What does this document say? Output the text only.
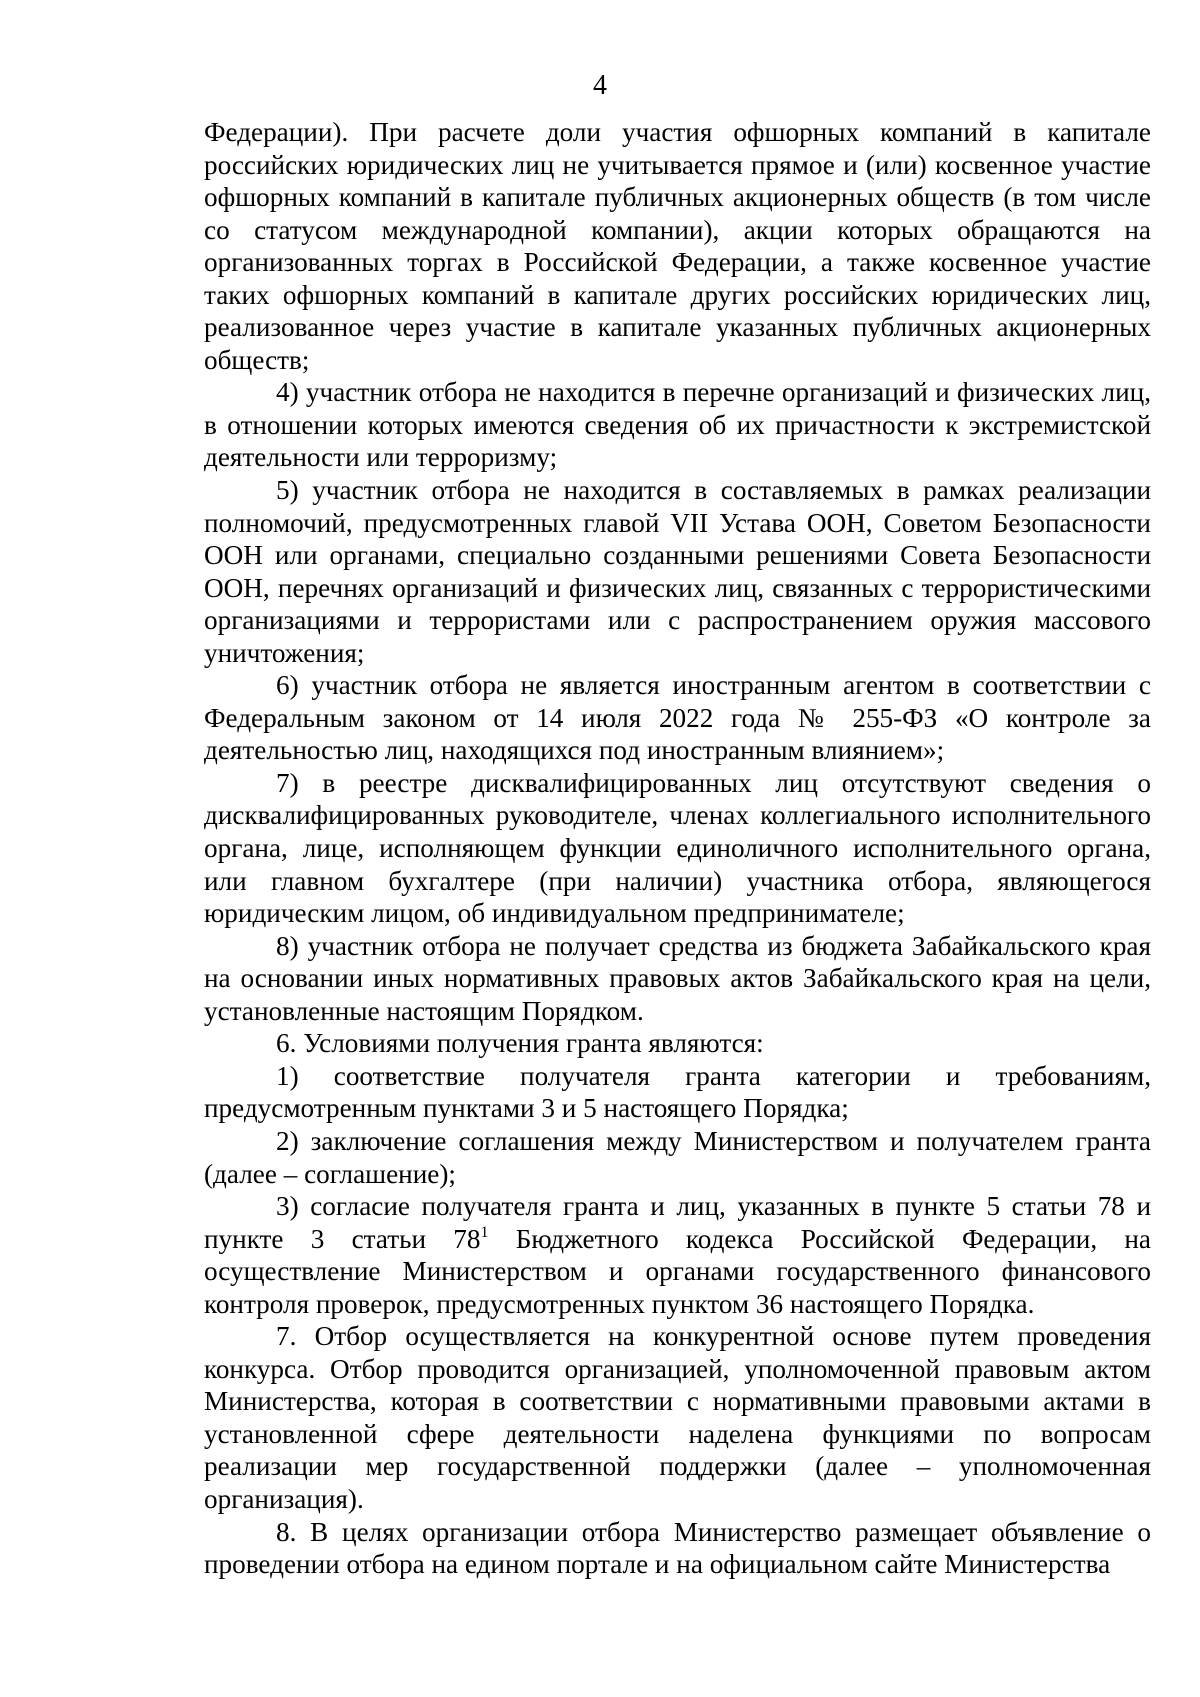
4

Федерации). При расчете доли участия офшорных компаний в капитале российских юридических лиц не учитывается прямое и (или) косвенное участие офшорных компаний в капитале публичных акционерных обществ (в том числе со статусом международной компании), акции которых обращаются на организованных торгах в Российской Федерации, а также косвенное участие таких офшорных компаний в капитале других российских юридических лиц, реализованное через участие в капитале указанных публичных акционерных обществ;

4) участник отбора не находится в перечне организаций и физических лиц, в отношении которых имеются сведения об их причастности к экстремистской деятельности или терроризму;

5) участник отбора не находится в составляемых в рамках реализации полномочий, предусмотренных главой VII Устава ООН, Советом Безопасности ООН или органами, специально созданными решениями Совета Безопасности ООН, перечнях организаций и физических лиц, связанных с террористическими организациями и террористами или с распространением оружия массового уничтожения;

6) участник отбора не является иностранным агентом в соответствии с Федеральным законом от 14 июля 2022 года № 255-ФЗ «О контроле за деятельностью лиц, находящихся под иностранным влиянием»;

7) в реестре дисквалифицированных лиц отсутствуют сведения о дисквалифицированных руководителе, членах коллегиального исполнительного органа, лице, исполняющем функции единоличного исполнительного органа, или главном бухгалтере (при наличии) участника отбора, являющегося юридическим лицом, об индивидуальном предпринимателе;

8) участник отбора не получает средства из бюджета Забайкальского края на основании иных нормативных правовых актов Забайкальского края на цели, установленные настоящим Порядком.

6. Условиями получения гранта являются:

1) соответствие получателя гранта категории и требованиям, предусмотренным пунктами 3 и 5 настоящего Порядка;

2) заключение соглашения между Министерством и получателем гранта (далее – соглашение);

3) согласие получателя гранта и лиц, указанных в пункте 5 статьи 78 и пункте 3 статьи $78^1$ Бюджетного кодекса Российской Федерации, на осуществление Министерством и органами государственного финансового контроля проверок, предусмотренных пунктом 36 настоящего Порядка.

7. Отбор осуществляется на конкурентной основе путем проведения конкурса. Отбор проводится организацией, уполномоченной правовым актом Министерства, которая в соответствии с нормативными правовыми актами в установленной сфере деятельности наделена функциями по вопросам реализации мер государственной поддержки (далее – уполномоченная организация).

8. В целях организации отбора Министерство размещает объявление о проведении отбора на едином портале и на официальном сайте Министерства
